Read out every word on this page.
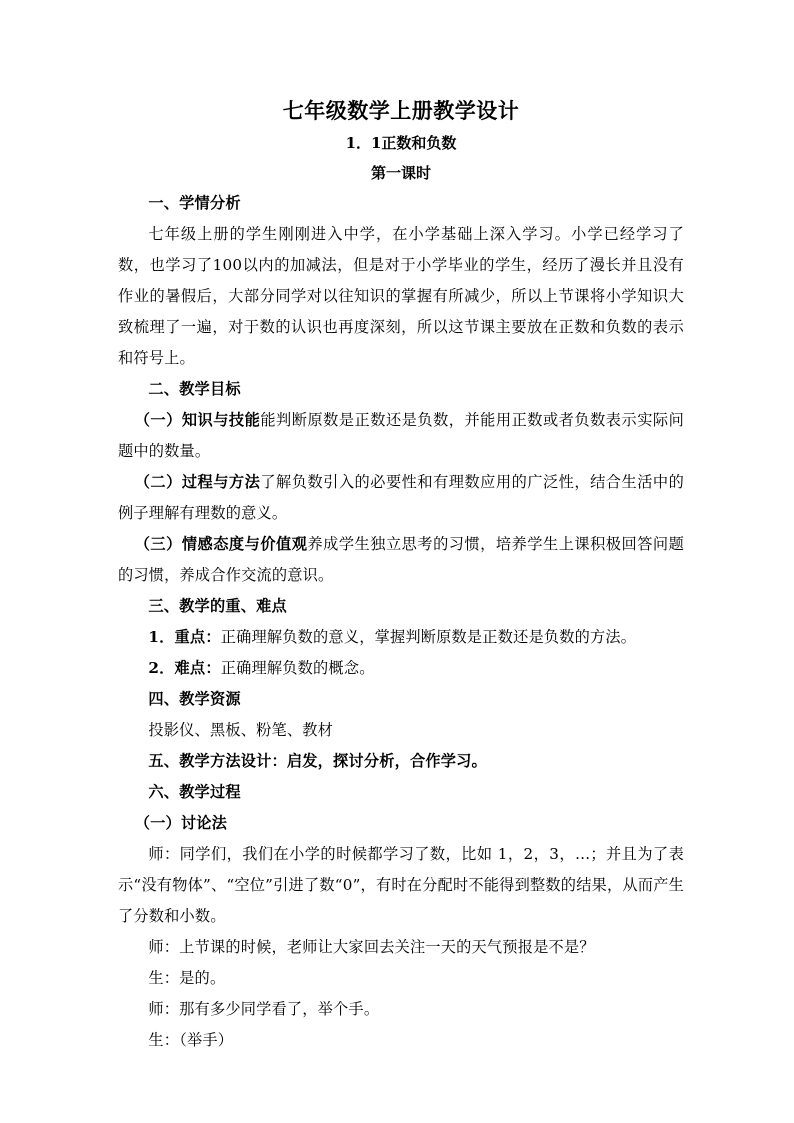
七年级数学上册教学设计
1．1正数和负数
第一课时

一、学情分析

七年级上册的学生刚刚进入中学，在小学基础上深入学习。小学已经学习了数，也学习了100以内的加减法，但是对于小学毕业的学生，经历了漫长并且没有作业的暑假后，大部分同学对以往知识的掌握有所减少，所以上节课将小学知识大致梳理了一遍，对于数的认识也再度深刻，所以这节课主要放在正数和负数的表示和符号上。

二、教学目标

（一）知识与技能能判断原数是正数还是负数，并能用正数或者负数表示实际问题中的数量。

（二）过程与方法了解负数引入的必要性和有理数应用的广泛性，结合生活中的例子理解有理数的意义。

（三）情感态度与价值观养成学生独立思考的习惯，培养学生上课积极回答问题的习惯，养成合作交流的意识。

三、教学的重、难点

1．重点：正确理解负数的意义，掌握判断原数是正数还是负数的方法。

2．难点：正确理解负数的概念。

四、教学资源

投影仪、黑板、粉笔、教材

五、教学方法设计：启发，探讨分析，合作学习。

六、教学过程

（一）讨论法

师：同学们，我们在小学的时候都学习了数，比如 1，2，3，…；并且为了表示“没有物体”、“空位”引进了数“0”，有时在分配时不能得到整数的结果，从而产生了分数和小数。

师：上节课的时候，老师让大家回去关注一天的天气预报是不是？

生：是的。

师：那有多少同学看了，举个手。

生：（举手）
